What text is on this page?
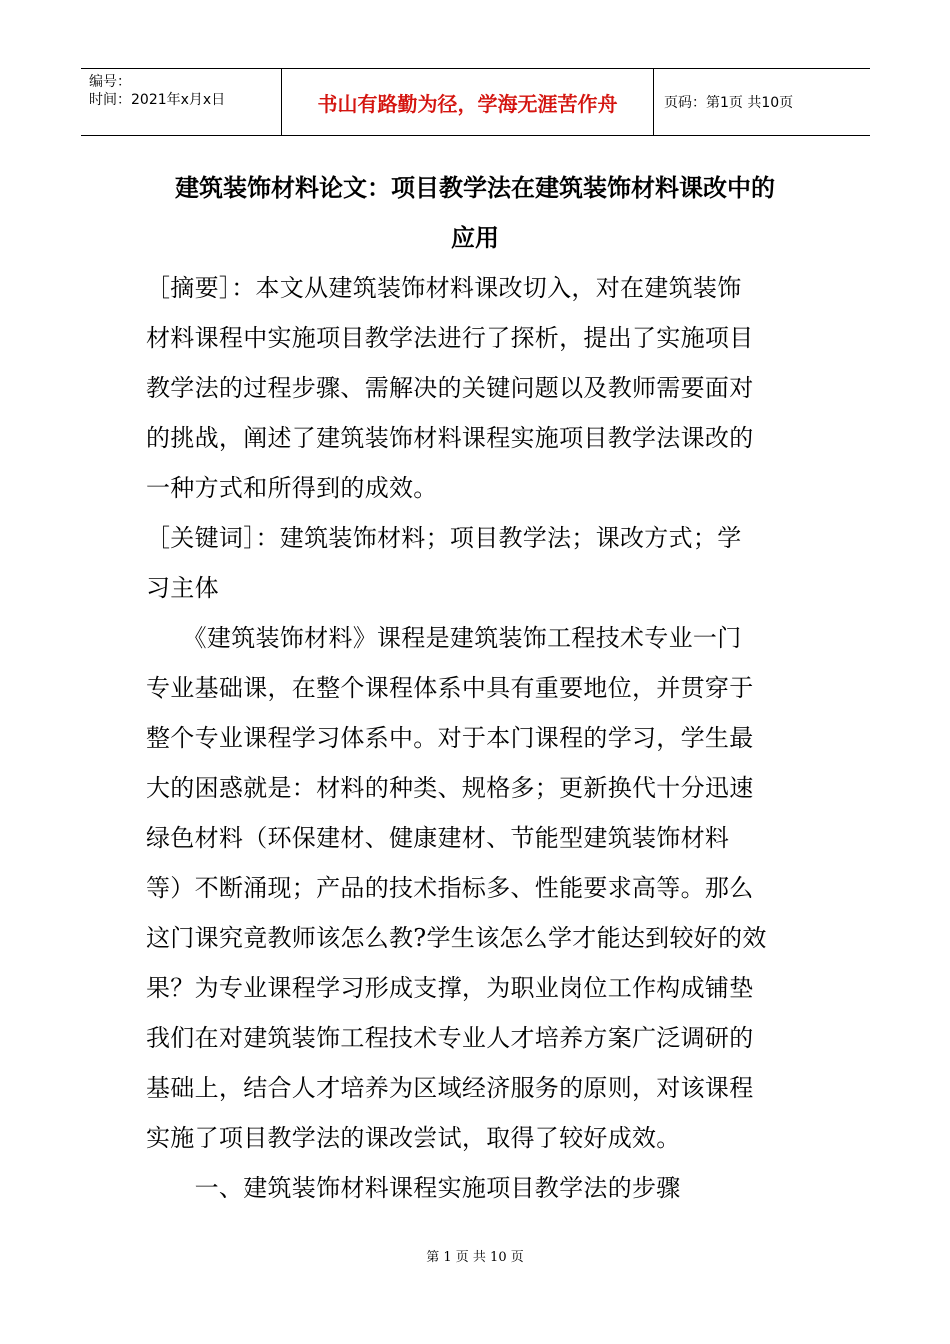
编号：
时间：2021年x月x日	书山有路勤为径，学海无涯苦作舟	页码：第1页 共10页
建筑装饰材料论文：项目教学法在建筑装饰材料课改中的
应用
［摘要］：本文从建筑装饰材料课改切入，对在建筑装饰
材料课程中实施项目教学法进行了探析，提出了实施项目
教学法的过程步骤、需解决的关键问题以及教师需要面对
的挑战，阐述了建筑装饰材料课程实施项目教学法课改的
一种方式和所得到的成效。
［关键词］：建筑装饰材料；项目教学法；课改方式；学
习主体
　　《建筑装饰材料》课程是建筑装饰工程技术专业一门
专业基础课，在整个课程体系中具有重要地位，并贯穿于
整个专业课程学习体系中。对于本门课程的学习，学生最
大的困惑就是：材料的种类、规格多；更新换代十分迅速
绿色材料（环保建材、健康建材、节能型建筑装饰材料
等）不断涌现；产品的技术指标多、性能要求高等。那么
这门课究竟教师该怎么教?学生该怎么学才能达到较好的效
果？为专业课程学习形成支撑，为职业岗位工作构成铺垫
我们在对建筑装饰工程技术专业人才培养方案广泛调研的
基础上，结合人才培养为区域经济服务的原则，对该课程
实施了项目教学法的课改尝试，取得了较好成效。
　　一、建筑装饰材料课程实施项目教学法的步骤
第 1 页 共 10 页
